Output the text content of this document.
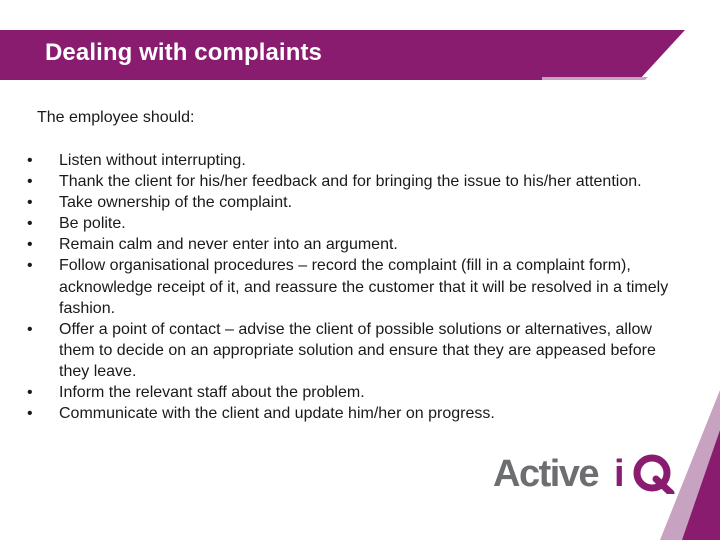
Dealing with complaints
The employee should:
•	Listen without interrupting.
•	Thank the client for his/her feedback and for bringing the issue to his/her attention.
•	Take ownership of the complaint.
•	Be polite.
•	Remain calm and never enter into an argument.
•	Follow organisational procedures – record the complaint (fill in a complaint form), acknowledge receipt of it, and reassure the customer that it will be resolved in a timely fashion.
•	Offer a point of contact – advise the client of possible solutions or alternatives, allow them to decide on an appropriate solution and ensure that they are appeased before they leave.
•	Inform the relevant staff about the problem.
•	Communicate with the client and update him/her on progress.
Active i
